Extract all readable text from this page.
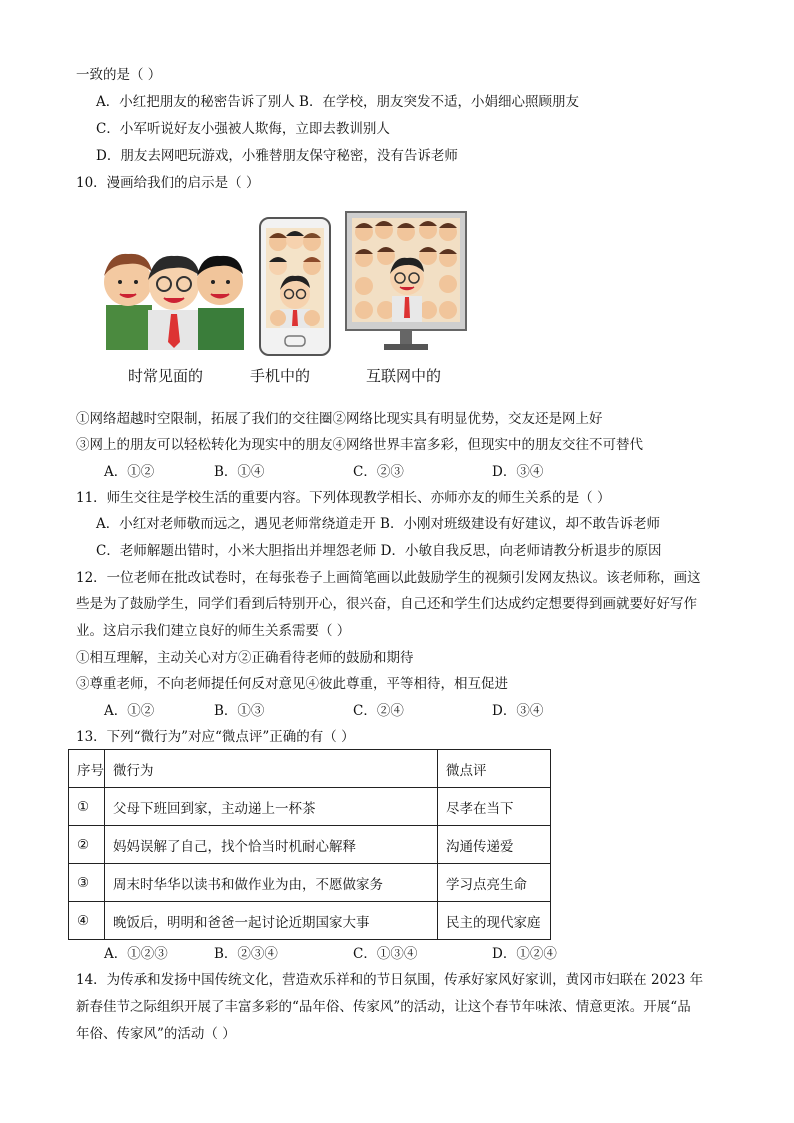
一致的是（ ）
A．小红把朋友的秘密告诉了别人 B．在学校，朋友突发不适，小娟细心照顾朋友
C．小军听说好友小强被人欺侮，立即去教训别人
D．朋友去网吧玩游戏，小雅替朋友保守秘密，没有告诉老师
10．漫画给我们的启示是（ ）
时常见面的	手机中的	互联网中的
①网络超越时空限制，拓展了我们的交往圈②网络比现实具有明显优势，交友还是网上好
③网上的朋友可以轻松转化为现实中的朋友④网络世界丰富多彩，但现实中的朋友交往不可替代
A．①②	B．①④	C．②③	D．③④
11．师生交往是学校生活的重要内容。下列体现教学相长、亦师亦友的师生关系的是（ ）
A．小红对老师敬而远之，遇见老师常绕道走开 B．小刚对班级建设有好建议，却不敢告诉老师
C．老师解题出错时，小米大胆指出并埋怨老师 D．小敏自我反思，向老师请教分析退步的原因
12．一位老师在批改试卷时，在每张卷子上画简笔画以此鼓励学生的视频引发网友热议。该老师称，画这
些是为了鼓励学生，同学们看到后特别开心，很兴奋，自己还和学生们达成约定想要得到画就要好好写作
业。这启示我们建立良好的师生关系需要（ ）
①相互理解，主动关心对方②正确看待老师的鼓励和期待
③尊重老师，不向老师提任何反对意见④彼此尊重，平等相待，相互促进
A．①②	B．①③	C．②④	D．③④
13．下列“微行为”对应“微点评”正确的有（ ）
序号	微行为	微点评
①	父母下班回到家，主动递上一杯茶	尽孝在当下
②	妈妈误解了自己，找个恰当时机耐心解释	沟通传递爱
③	周末时华华以读书和做作业为由，不愿做家务	学习点亮生命
④	晚饭后，明明和爸爸一起讨论近期国家大事	民主的现代家庭
A．①②③	B．②③④	C．①③④	D．①②④
14．为传承和发扬中国传统文化，营造欢乐祥和的节日氛围，传承好家风好家训，黄冈市妇联在 2023 年
新春佳节之际组织开展了丰富多彩的“品年俗、传家风”的活动，让这个春节年味浓、情意更浓。开展“品
年俗、传家风”的活动（ ）
